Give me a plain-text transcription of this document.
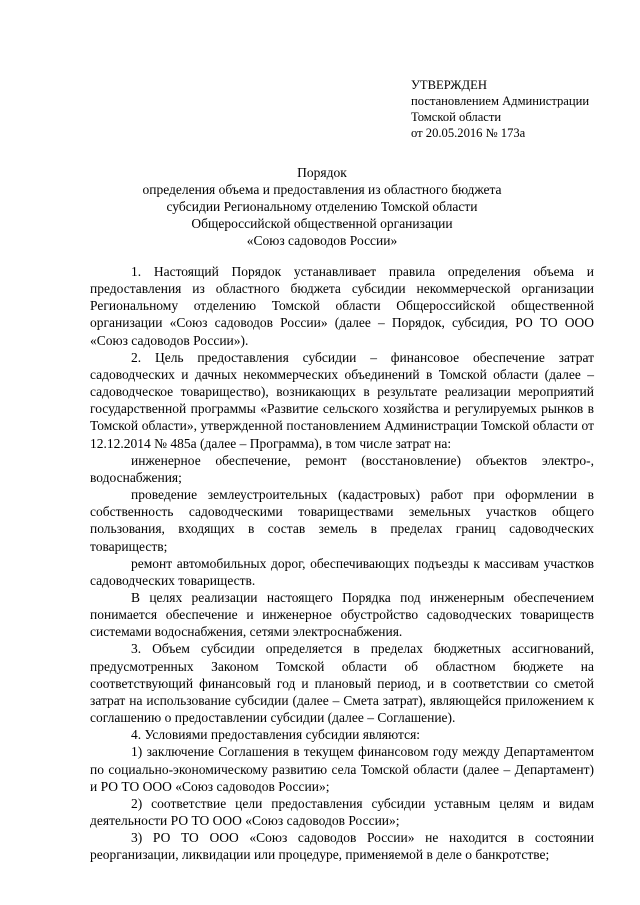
УТВЕРЖДЕН
постановлением Администрации
Томской области
от 20.05.2016 № 173а
Порядок
определения объема и предоставления из областного бюджета
субсидии Региональному отделению Томской области
Общероссийской общественной организации
«Союз садоводов России»

1. Настоящий Порядок устанавливает правила определения объема и предоставления из областного бюджета субсидии некоммерческой организации Региональному отделению Томской области Общероссийской общественной организации «Союз садоводов России» (далее – Порядок, субсидия, РО ТО ООО «Союз садоводов России»).

2. Цель предоставления субсидии – финансовое обеспечение затрат садоводческих и дачных некоммерческих объединений в Томской области (далее – садоводческое товарищество), возникающих в результате реализации мероприятий государственной программы «Развитие сельского хозяйства и регулируемых рынков в Томской области», утвержденной постановлением Администрации Томской области от 12.12.2014 № 485а (далее – Программа), в том числе затрат на:

инженерное обеспечение, ремонт (восстановление) объектов электро-, водоснабжения;

проведение землеустроительных (кадастровых) работ при оформлении в собственность садоводческими товариществами земельных участков общего пользования, входящих в состав земель в пределах границ садоводческих товариществ;

ремонт автомобильных дорог, обеспечивающих подъезды к массивам участков садоводческих товариществ.

В целях реализации настоящего Порядка под инженерным обеспечением понимается обеспечение и инженерное обустройство садоводческих товариществ системами водоснабжения, сетями электроснабжения.

3. Объем субсидии определяется в пределах бюджетных ассигнований, предусмотренных Законом Томской области об областном бюджете на соответствующий финансовый год и плановый период, и в соответствии со сметой затрат на использование субсидии (далее – Смета затрат), являющейся приложением к соглашению о предоставлении субсидии (далее – Соглашение).

4. Условиями предоставления субсидии являются:

1) заключение Соглашения в текущем финансовом году между Департаментом по социально-экономическому развитию села Томской области (далее – Департамент) и РО ТО ООО «Союз садоводов России»;

2) соответствие цели предоставления субсидии уставным целям и видам деятельности РО ТО ООО «Союз садоводов России»;

3) РО ТО ООО «Союз садоводов России» не находится в состоянии реорганизации, ликвидации или процедуре, применяемой в деле о банкротстве;
